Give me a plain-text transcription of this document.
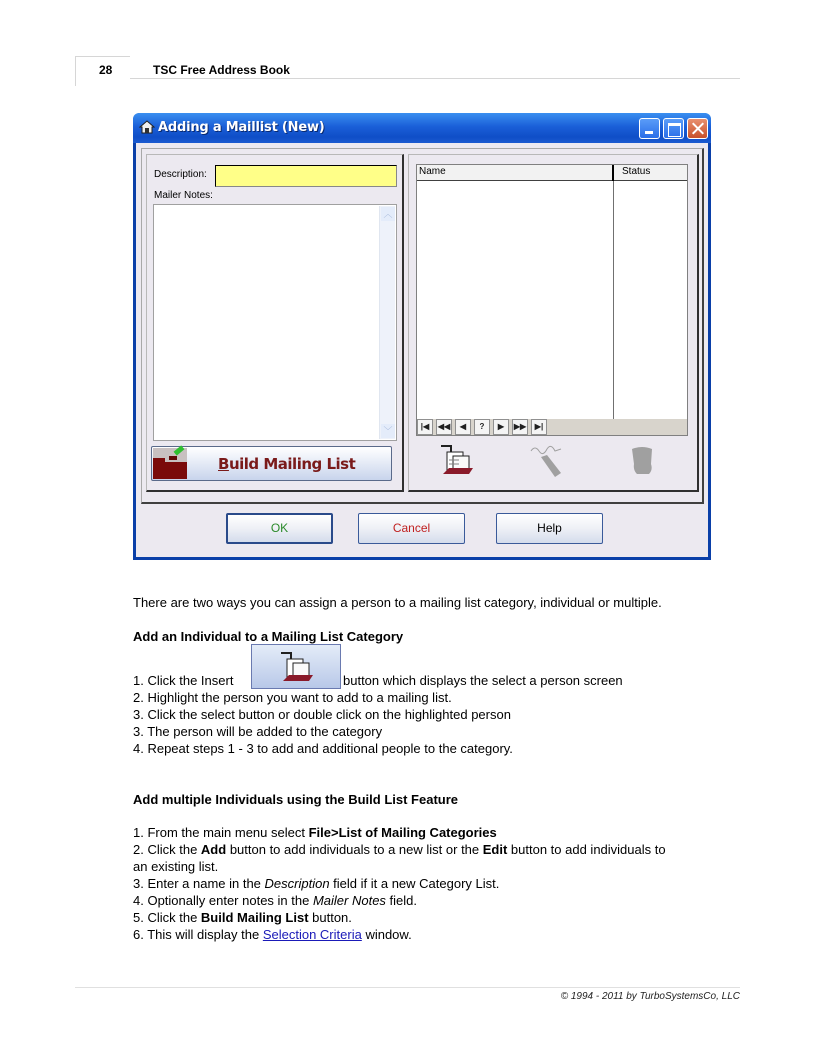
28	TSC Free Address Book
Adding a Maillist (New)
Description:
Mailer Notes:
︿
﹀
Build Mailing List
Name	Status
|◀	◀◀	◀	?	▶	▶▶	▶|
OK	Cancel	Help
There are two ways you can assign a person to a mailing list category, individual or multiple.
Add an Individual to a Mailing List Category
1. Click the Insert	button which displays the select a person screen
2. Highlight the person you want to add to a mailing list.
3. Click the select button or double click on the highlighted person
3. The person will be added to the category
4. Repeat steps 1 - 3 to add and additional people to the category.
Add multiple Individuals using the Build List Feature
1. From the main menu select File>List of Mailing Categories
2. Click the Add button to add individuals to a new list or the Edit button to add individuals to
an existing list.
3. Enter a name in the Description field if it a new Category List.
4. Optionally enter notes in the Mailer Notes field.
5. Click the Build Mailing List button.
6. This will display the Selection Criteria window.
© 1994 - 2011 by TurboSystemsCo, LLC
